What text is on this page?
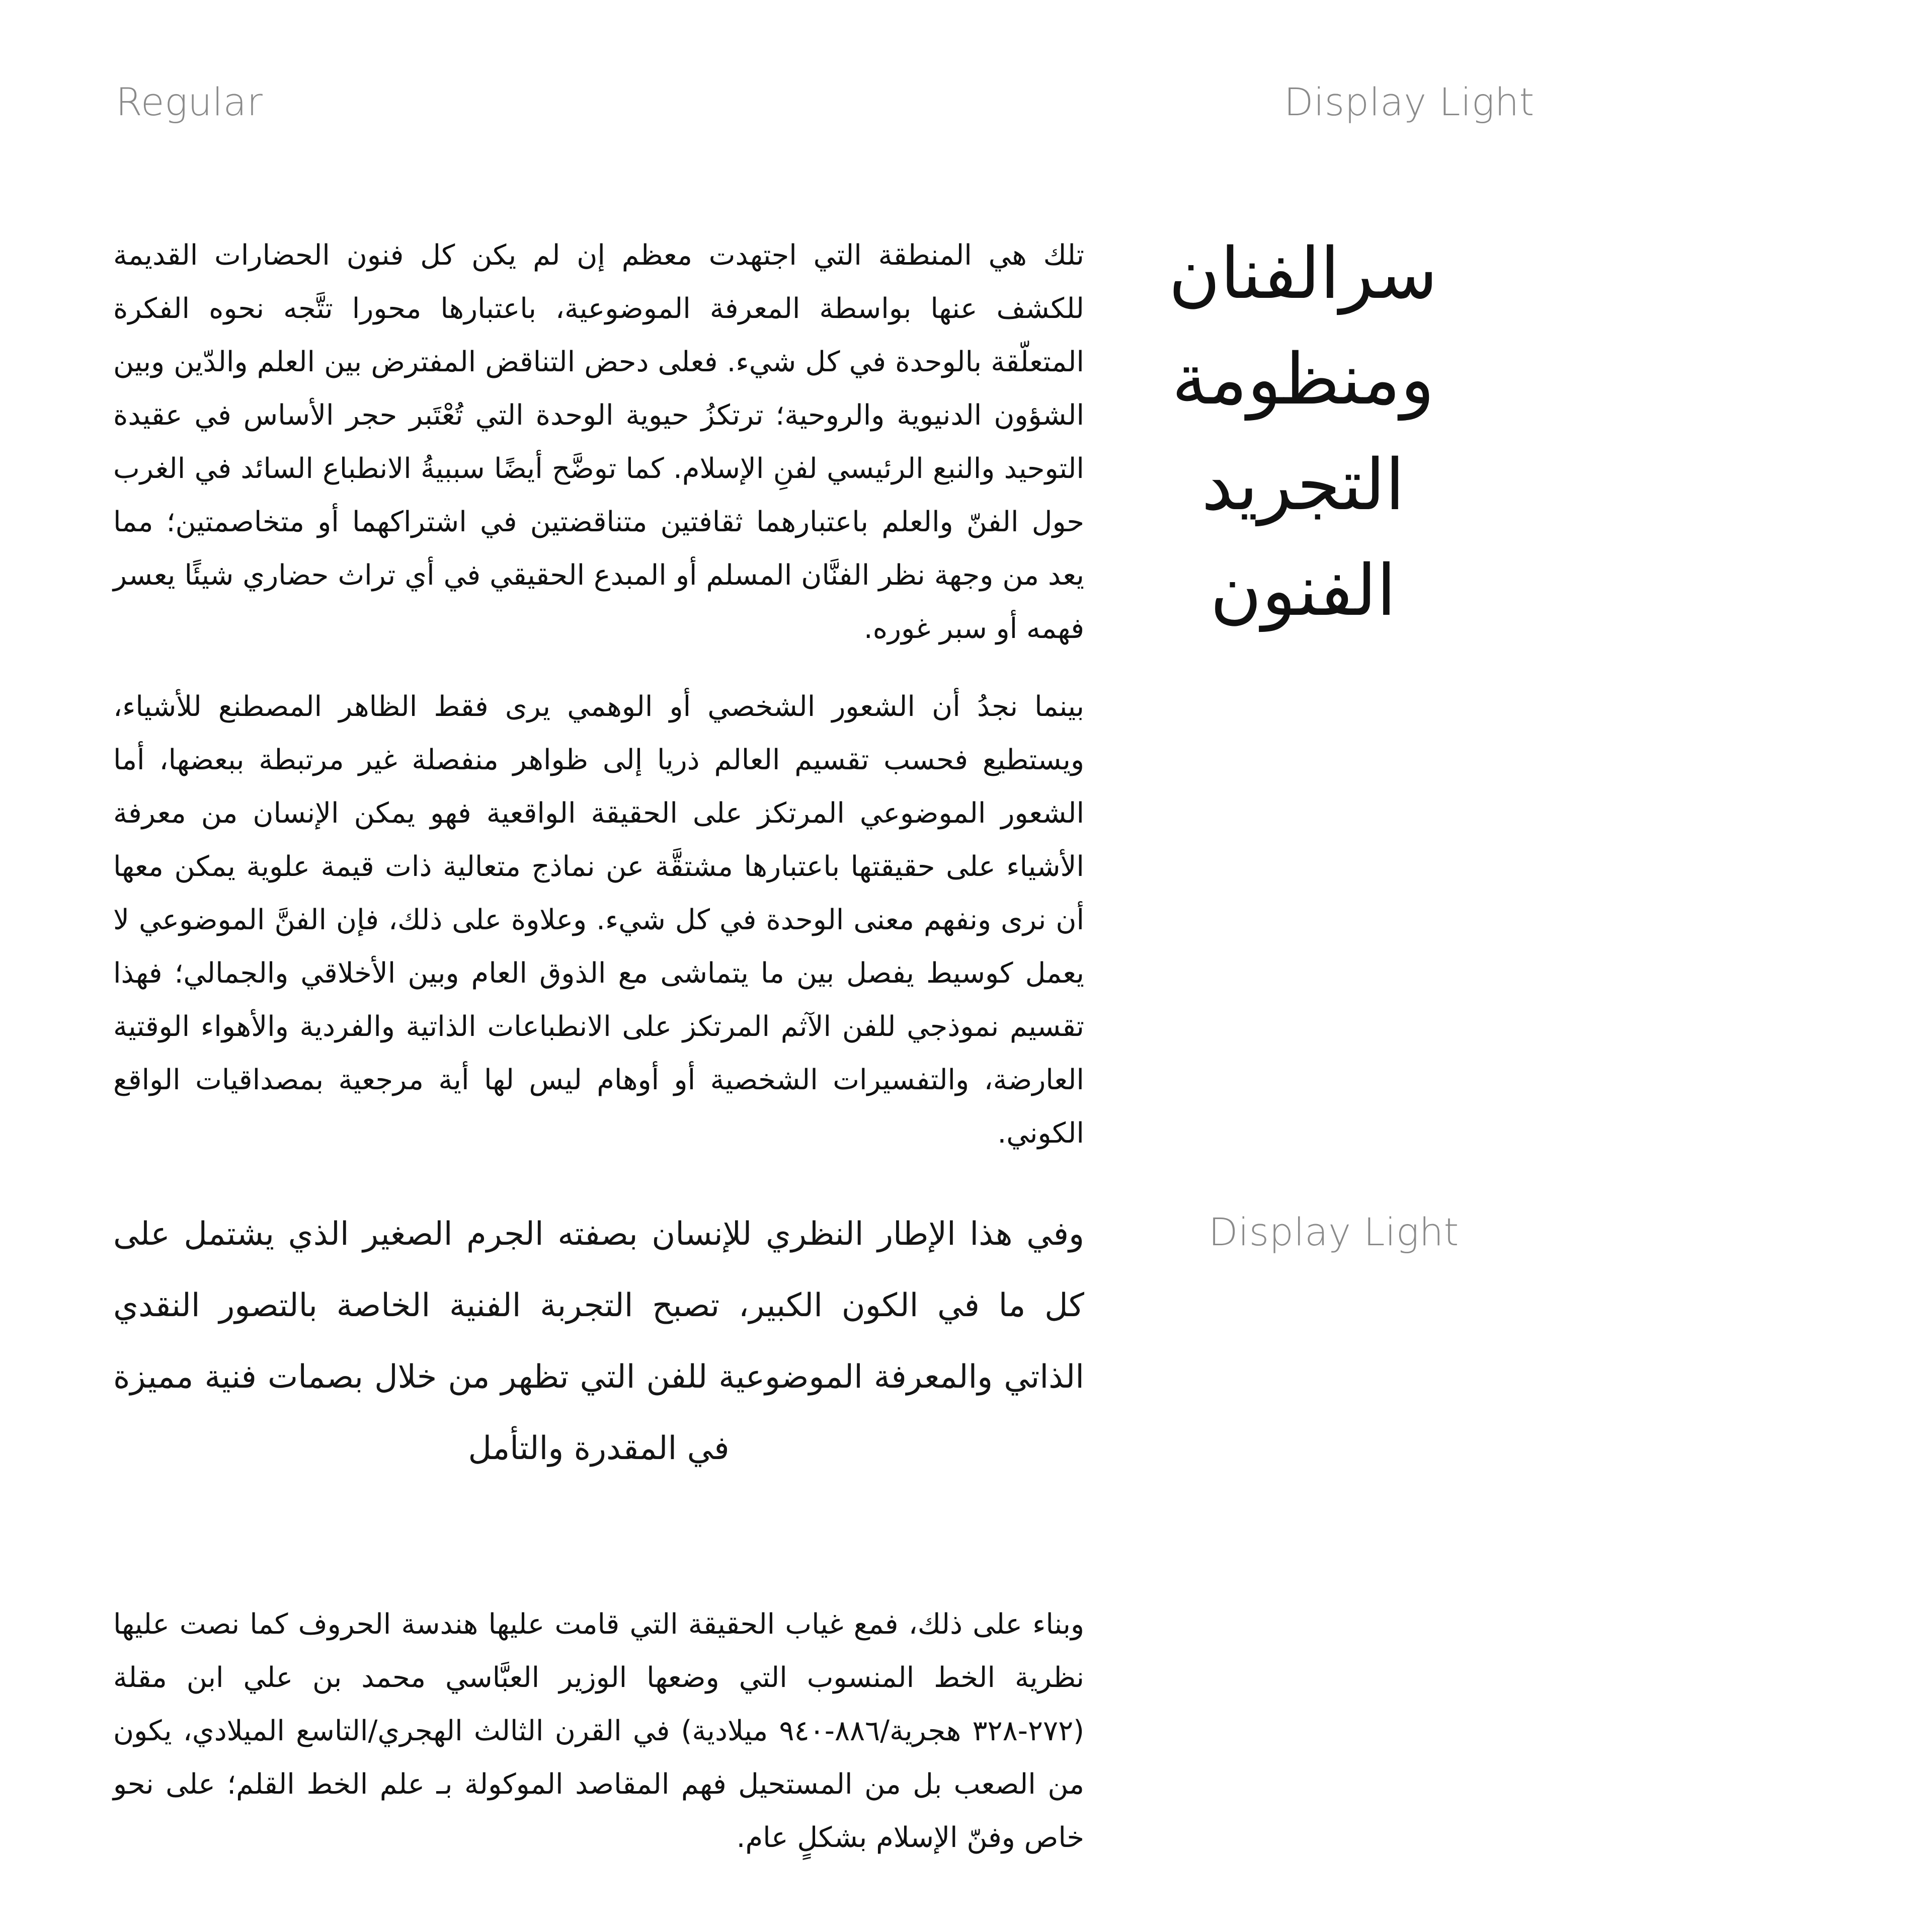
Regular	Display Light
Display Light
سرالفنان
ومنظومة
التجريد
الفنون

تلك هي المنطقة التي اجتهدت معظم إن لم يكن كل فنون الحضارات القديمة للكشف عنها بواسطة المعرفة الموضوعية، باعتبارها محورا تتَّجه نحوه الفكرة المتعلّقة بالوحدة في كل شيء. فعلى دحض التناقض المفترض بين العلم والدّين وبين الشؤون الدنيوية والروحية؛ ترتكزُ حيوية الوحدة التي تُعْتَبر حجر الأساس في عقيدة التوحيد والنبع الرئيسي لفنِ الإسلام. كما توضَّح أيضًا سببيةُ الانطباع السائد في الغرب حول الفنّ والعلم باعتبارهما ثقافتين متناقضتين في اشتراكهما أو متخاصمتين؛ مما يعد من وجهة نظر الفنَّان المسلم أو المبدع الحقيقي في أي تراث حضاري شيئًا يعسر فهمه أو سبر غوره.

بينما نجدُ أن الشعور الشخصي أو الوهمي يرى فقط الظاهر المصطنع للأشياء، ويستطيع فحسب تقسيم العالم ذريا إلى ظواهر منفصلة غير مرتبطة ببعضها، أما الشعور الموضوعي المرتكز على الحقيقة الواقعية فهو يمكن الإنسان من معرفة الأشياء على حقيقتها باعتبارها مشتقَّة عن نماذج متعالية ذات قيمة علوية يمكن معها أن نرى ونفهم معنى الوحدة في كل شيء. وعلاوة على ذلك، فإن الفنَّ الموضوعي لا يعمل كوسيط يفصل بين ما يتماشى مع الذوق العام وبين الأخلاقي والجمالي؛ فهذا تقسيم نموذجي للفن الآثم المرتكز على الانطباعات الذاتية والفردية والأهواء الوقتية العارضة، والتفسيرات الشخصية أو أوهام ليس لها أية مرجعية بمصداقيات الواقع الكوني.

وفي هذا الإطار النظري للإنسان بصفته الجرم الصغير الذي يشتمل على كل ما في الكون الكبير، تصبح التجربة الفنية الخاصة بالتصور النقدي الذاتي والمعرفة الموضوعية للفن التي تظهر من خلال بصمات فنية مميزة في المقدرة والتأمل

وبناء على ذلك، فمع غياب الحقيقة التي قامت عليها هندسة الحروف كما نصت عليها نظرية الخط المنسوب التي وضعها الوزير العبَّاسي محمد بن علي ابن مقلة (٢٧٢-٣٢٨ هجرية/٨٨٦-٩٤٠ ميلادية) في القرن الثالث الهجري/التاسع الميلادي، يكون من الصعب بل من المستحيل فهم المقاصد الموكولة بـ علم الخط القلم؛ على نحو خاص وفنّ الإسلام بشكلٍ عام.
